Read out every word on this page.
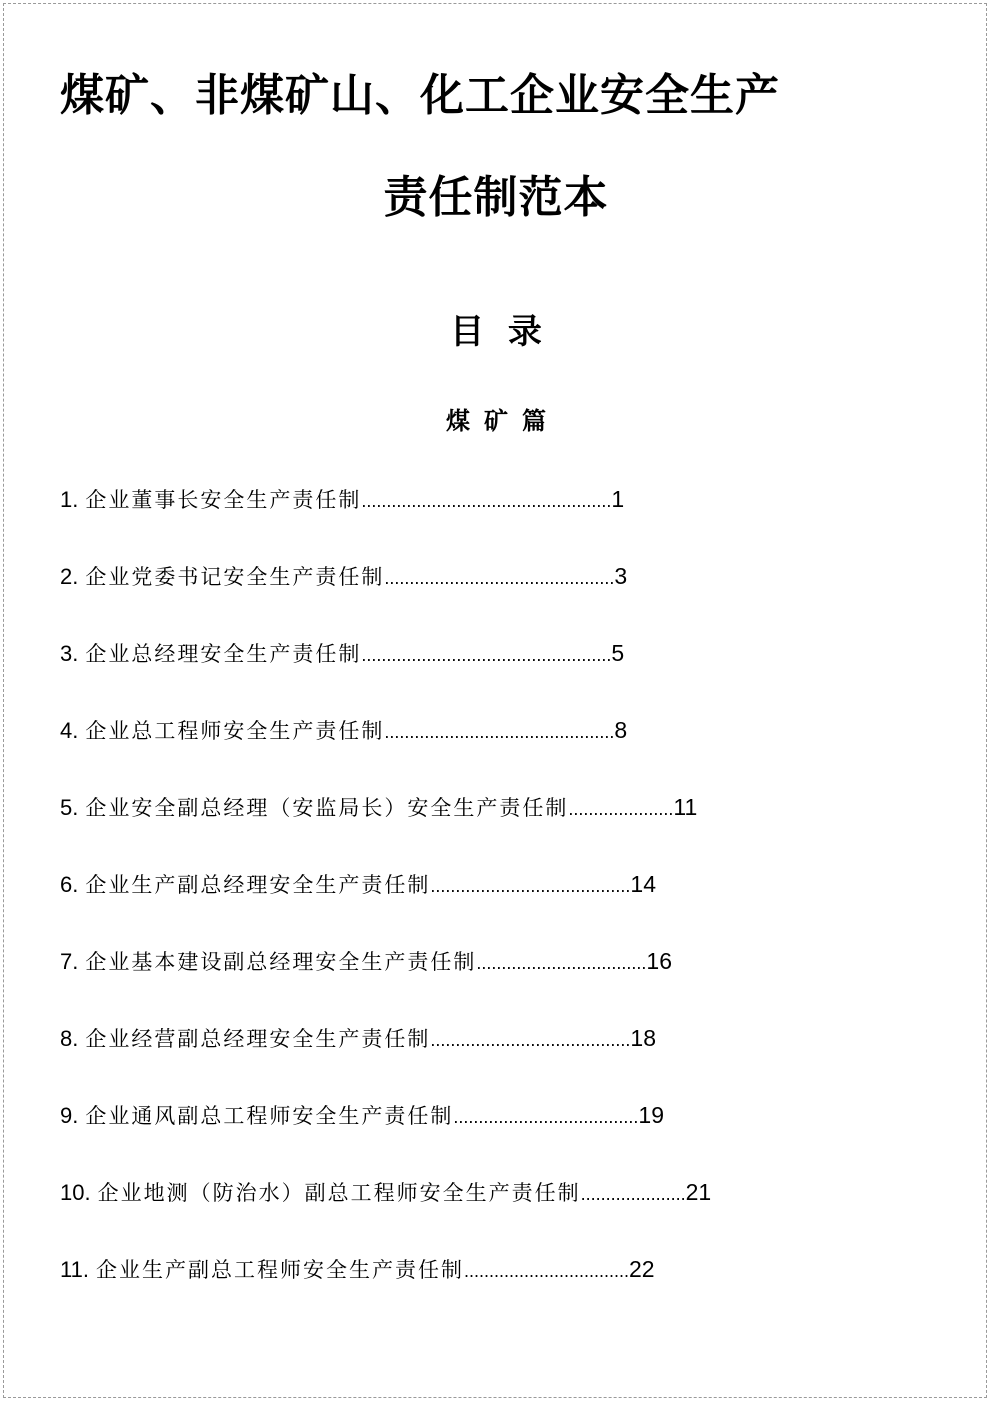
煤矿、非煤矿山、化工企业安全生产
责任制范本
目  录
煤矿篇
1. 企业董事长安全生产责任制..................................................1
2. 企业党委书记安全生产责任制..............................................3
3. 企业总经理安全生产责任制..................................................5
4. 企业总工程师安全生产责任制..............................................8
5. 企业安全副总经理（安监局长）安全生产责任制.....................11
6. 企业生产副总经理安全生产责任制........................................14
7. 企业基本建设副总经理安全生产责任制..................................16
8. 企业经营副总经理安全生产责任制........................................18
9. 企业通风副总工程师安全生产责任制.....................................19
10. 企业地测（防治水）副总工程师安全生产责任制.....................21
11. 企业生产副总工程师安全生产责任制.................................22
